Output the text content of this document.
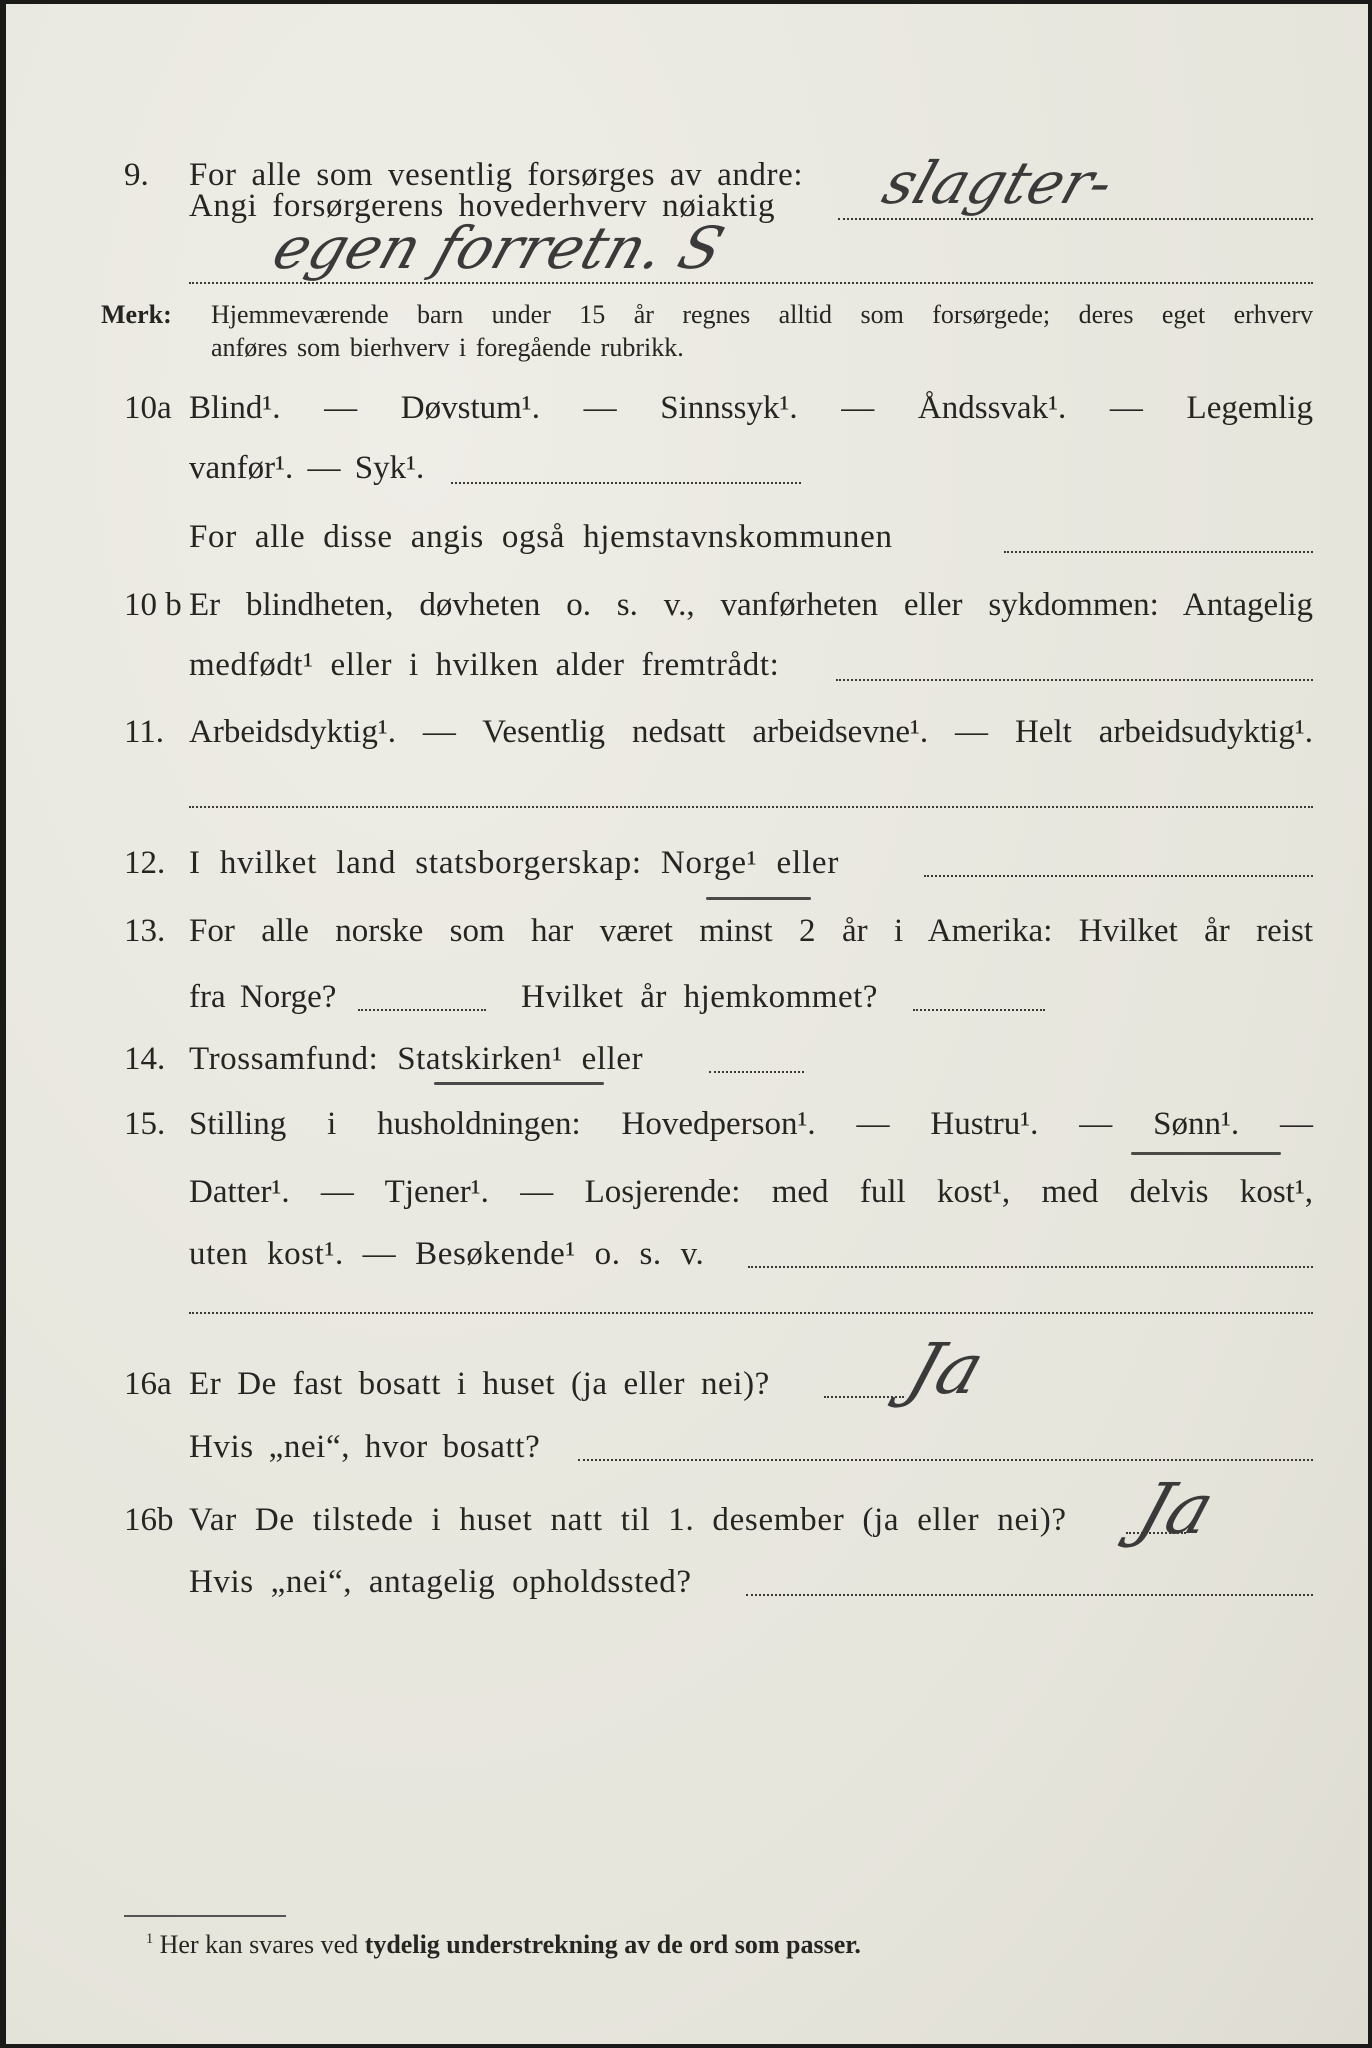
9. For alle som vesentlig forsørges av andre:
Angi forsørgerens hovederhverv nøiaktig slagter-
egen forretn. S
Merk: Hjemmeværende barn under 15 år regnes alltid som forsørgede; deres eget erhverv
anføres som bierhverv i foregående rubrikk.
10a Blind¹. — Døvstum¹. — Sinnssyk¹. — Åndssvak¹. — Legemlig
vanfør¹. — Syk¹.
For alle disse angis også hjemstavnskommunen
10 b Er blindheten, døvheten o. s. v., vanførheten eller sykdommen: Antagelig
medfødt¹ eller i hvilken alder fremtrådt:
11. Arbeidsdyktig¹. — Vesentlig nedsatt arbeidsevne¹. — Helt arbeidsudyktig¹.
12. I hvilket land statsborgerskap: Norge¹ eller
13. For alle norske som har været minst 2 år i Amerika: Hvilket år reist
fra Norge?	Hvilket år hjemkommet?
14. Trossamfund: Statskirken¹ eller
15. Stilling i husholdningen: Hovedperson¹. — Hustru¹. — Sønn¹. —
Datter¹. — Tjener¹. — Losjerende: med full kost¹, med delvis kost¹,
uten kost¹. — Besøkende¹ o. s. v.
16a Er De fast bosatt i huset (ja eller nei)? Ja
Hvis „nei“, hvor bosatt?
16b Var De tilstede i huset natt til 1. desember (ja eller nei)? Ja
Hvis „nei“, antagelig opholdssted?
$^1$ Her kan svares ved tydelig understrekning av de ord som passer.
